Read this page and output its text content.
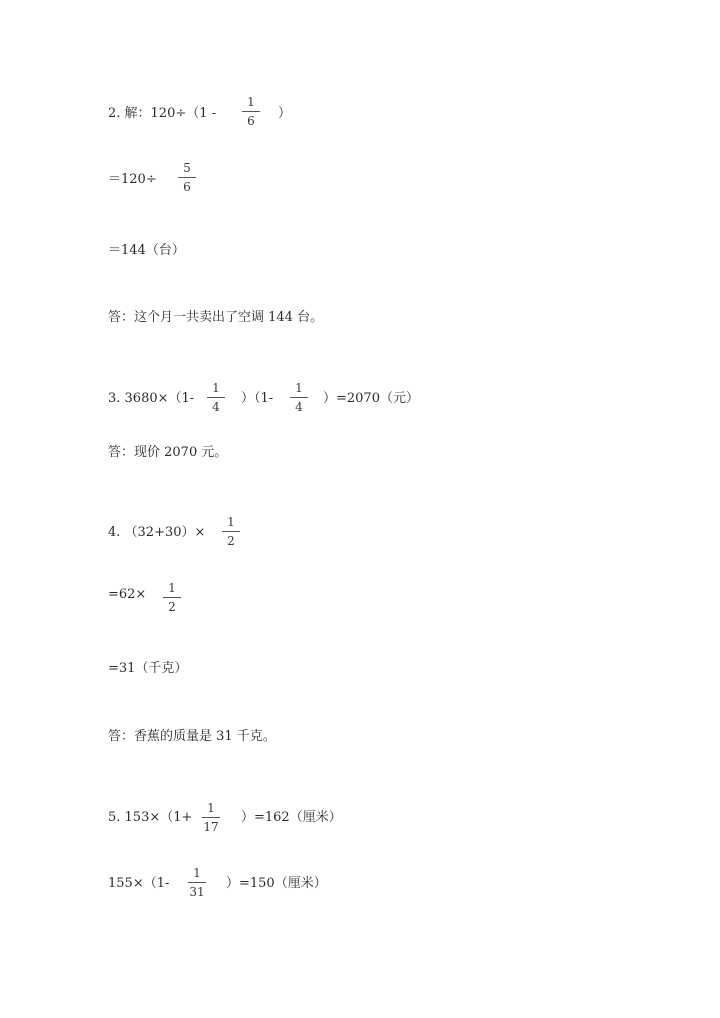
2. 解：120÷（1 -
1
6	）
＝120÷
5
6
＝144（台）
答：这个月一共卖出了空调 144 台。
3. 3680×（1-
1
4
）（1-
1
4
）=2070（元）
答：现价 2070 元。
4. （32+30）×
1
2
=62×	1
2
=31（千克）
答：香蕉的质量是 31 千克。
5. 153×（1+
1
17
）=162（厘米）
155×（1-
1
31
）=150（厘米）
